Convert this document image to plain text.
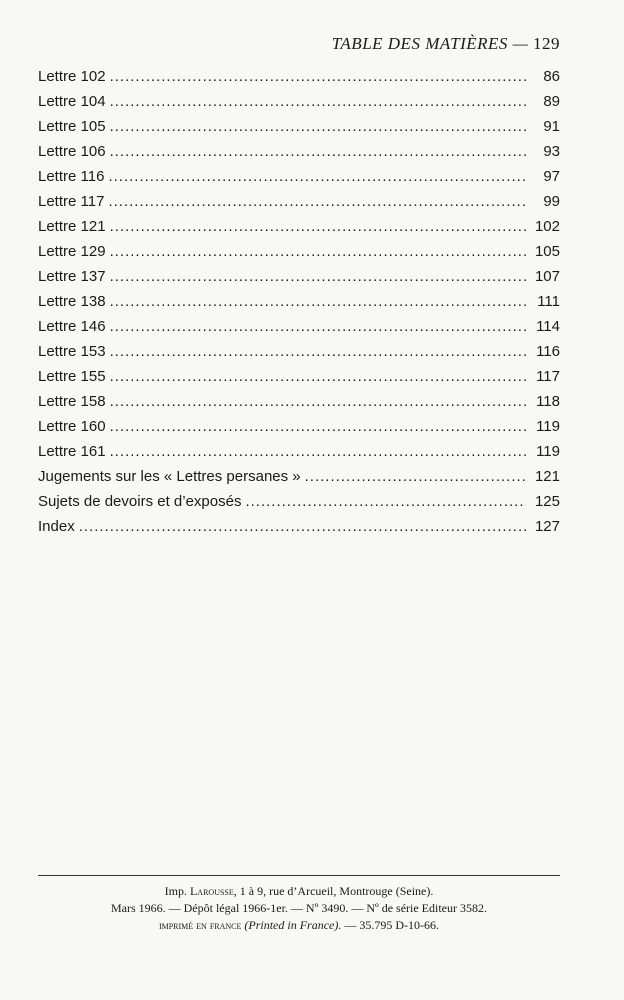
TABLE DES MATIÈRES — 129
Lettre 102 .....	86
Lettre 104 .....	89
Lettre 105 .....	91
Lettre 106 .....	93
Lettre 116 .....	97
Lettre 117 .....	99
Lettre 121 .....	102
Lettre 129 .....	105
Lettre 137 .....	107
Lettre 138 .....	111
Lettre 146 .....	114
Lettre 153 .....	116
Lettre 155 .....	117
Lettre 158 .....	118
Lettre 160 .....	119
Lettre 161 .....	119
Jugements sur les « Lettres persanes » .....	121
Sujets de devoirs et d’exposés .....	125
Index .....	127
Imp. Larousse, 1 à 9, rue d’Arcueil, Montrouge (Seine).
Mars 1966. — Dépôt légal 1966-1er. — Nº 3490. — Nº de série Editeur 3582.
imprimé en france (Printed in France). — 35.795 D-10-66.
